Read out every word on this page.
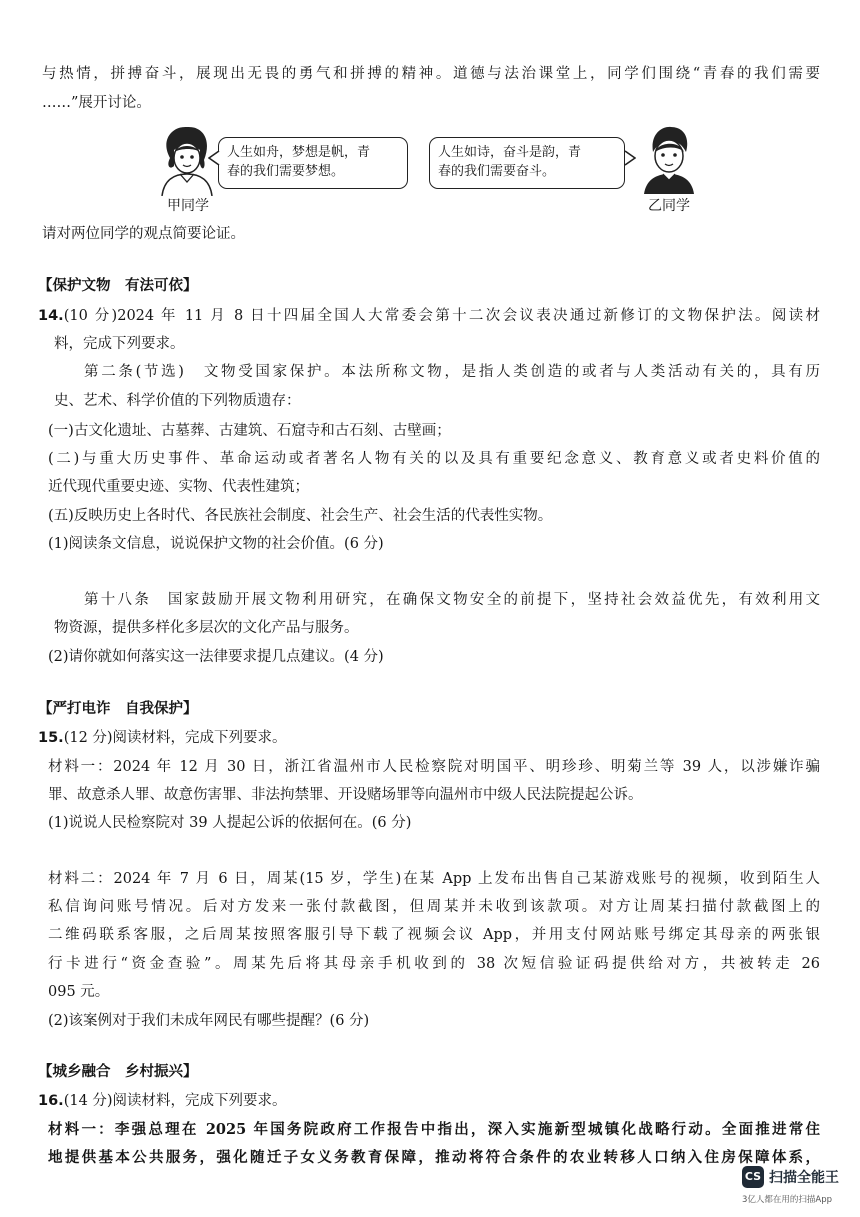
与热情，拼搏奋斗，展现出无畏的勇气和拼搏的精神。道德与法治课堂上，同学们围绕“青春的我们需要
……”展开讨论。
人生如舟，梦想是帆，青
春的我们需要梦想。
甲同学
人生如诗，奋斗是韵，青
春的我们需要奋斗。
乙同学
请对两位同学的观点简要论证。
【保护文物　有法可依】
14.(10 分)2024 年 11 月 8 日十四届全国人大常委会第十二次会议表决通过新修订的文物保护法。阅读材
料，完成下列要求。
第二条(节选)　文物受国家保护。本法所称文物，是指人类创造的或者与人类活动有关的，具有历
史、艺术、科学价值的下列物质遗存：
(一)古文化遗址、古墓葬、古建筑、石窟寺和古石刻、古壁画；
(二)与重大历史事件、革命运动或者著名人物有关的以及具有重要纪念意义、教育意义或者史料价值的
近代现代重要史迹、实物、代表性建筑；
(五)反映历史上各时代、各民族社会制度、社会生产、社会生活的代表性实物。
(1)阅读条文信息，说说保护文物的社会价值。(6 分)
第十八条　国家鼓励开展文物利用研究，在确保文物安全的前提下，坚持社会效益优先，有效利用文
物资源，提供多样化多层次的文化产品与服务。
(2)请你就如何落实这一法律要求提几点建议。(4 分)
【严打电诈　自我保护】
15.(12 分)阅读材料，完成下列要求。
材料一：2024 年 12 月 30 日，浙江省温州市人民检察院对明国平、明珍珍、明菊兰等 39 人，以涉嫌诈骗
罪、故意杀人罪、故意伤害罪、非法拘禁罪、开设赌场罪等向温州市中级人民法院提起公诉。
(1)说说人民检察院对 39 人提起公诉的依据何在。(6 分)
材料二：2024 年 7 月 6 日，周某(15 岁，学生)在某 App 上发布出售自己某游戏账号的视频，收到陌生人
私信询问账号情况。后对方发来一张付款截图，但周某并未收到该款项。对方让周某扫描付款截图上的
二维码联系客服，之后周某按照客服引导下载了视频会议 App，并用支付网站账号绑定其母亲的两张银
行卡进行“资金查验”。周某先后将其母亲手机收到的 38 次短信验证码提供给对方，共被转走 26
095 元。
(2)该案例对于我们未成年网民有哪些提醒？(6 分)
【城乡融合　乡村振兴】
16.(14 分)阅读材料，完成下列要求。
材料一：李强总理在 2025 年国务院政府工作报告中指出，深入实施新型城镇化战略行动。全面推进常住
地提供基本公共服务，强化随迁子女义务教育保障，推动将符合条件的农业转移人口纳入住房保障体系，
CS 扫描全能王
3亿人都在用的扫描App
